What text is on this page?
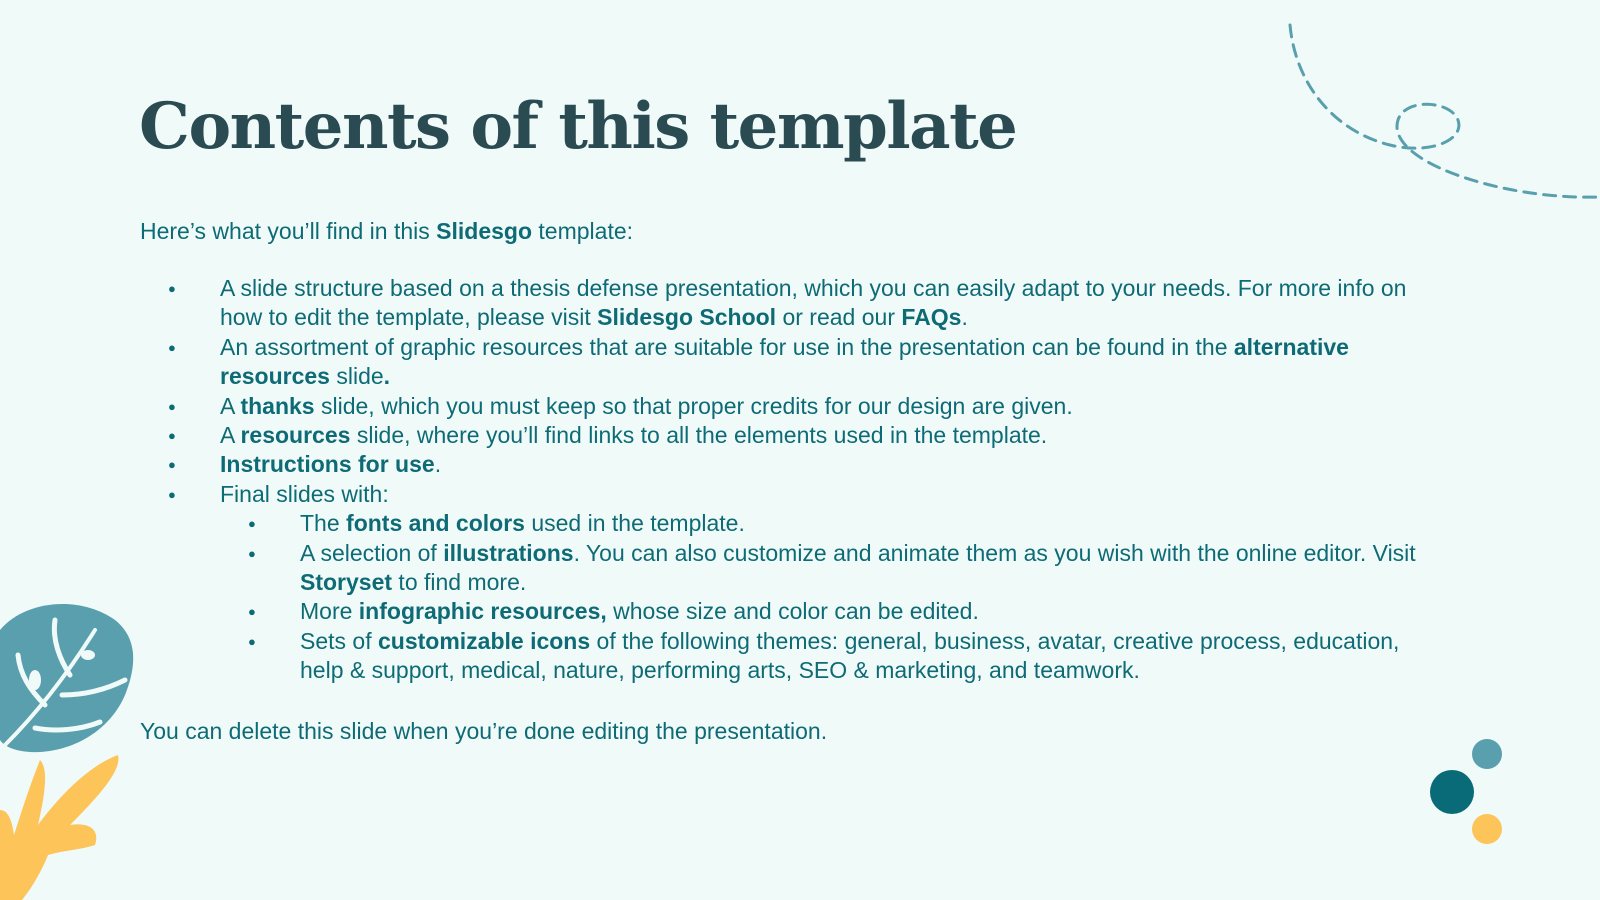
Contents of this template

Here’s what you’ll find in this Slidesgo template:

● A slide structure based on a thesis defense presentation, which you can easily adapt to your needs. For more info on how to edit the template, please visit Slidesgo School or read our FAQs.
● An assortment of graphic resources that are suitable for use in the presentation can be found in the alternative resources slide.
● A thanks slide, which you must keep so that proper credits for our design are given.
● A resources slide, where you’ll find links to all the elements used in the template.
● Instructions for use.
● Final slides with:
● The fonts and colors used in the template.
● A selection of illustrations. You can also customize and animate them as you wish with the online editor. Visit Storyset to find more.
● More infographic resources, whose size and color can be edited.
● Sets of customizable icons of the following themes: general, business, avatar, creative process, education, help & support, medical, nature, performing arts, SEO & marketing, and teamwork.

You can delete this slide when you’re done editing the presentation.
